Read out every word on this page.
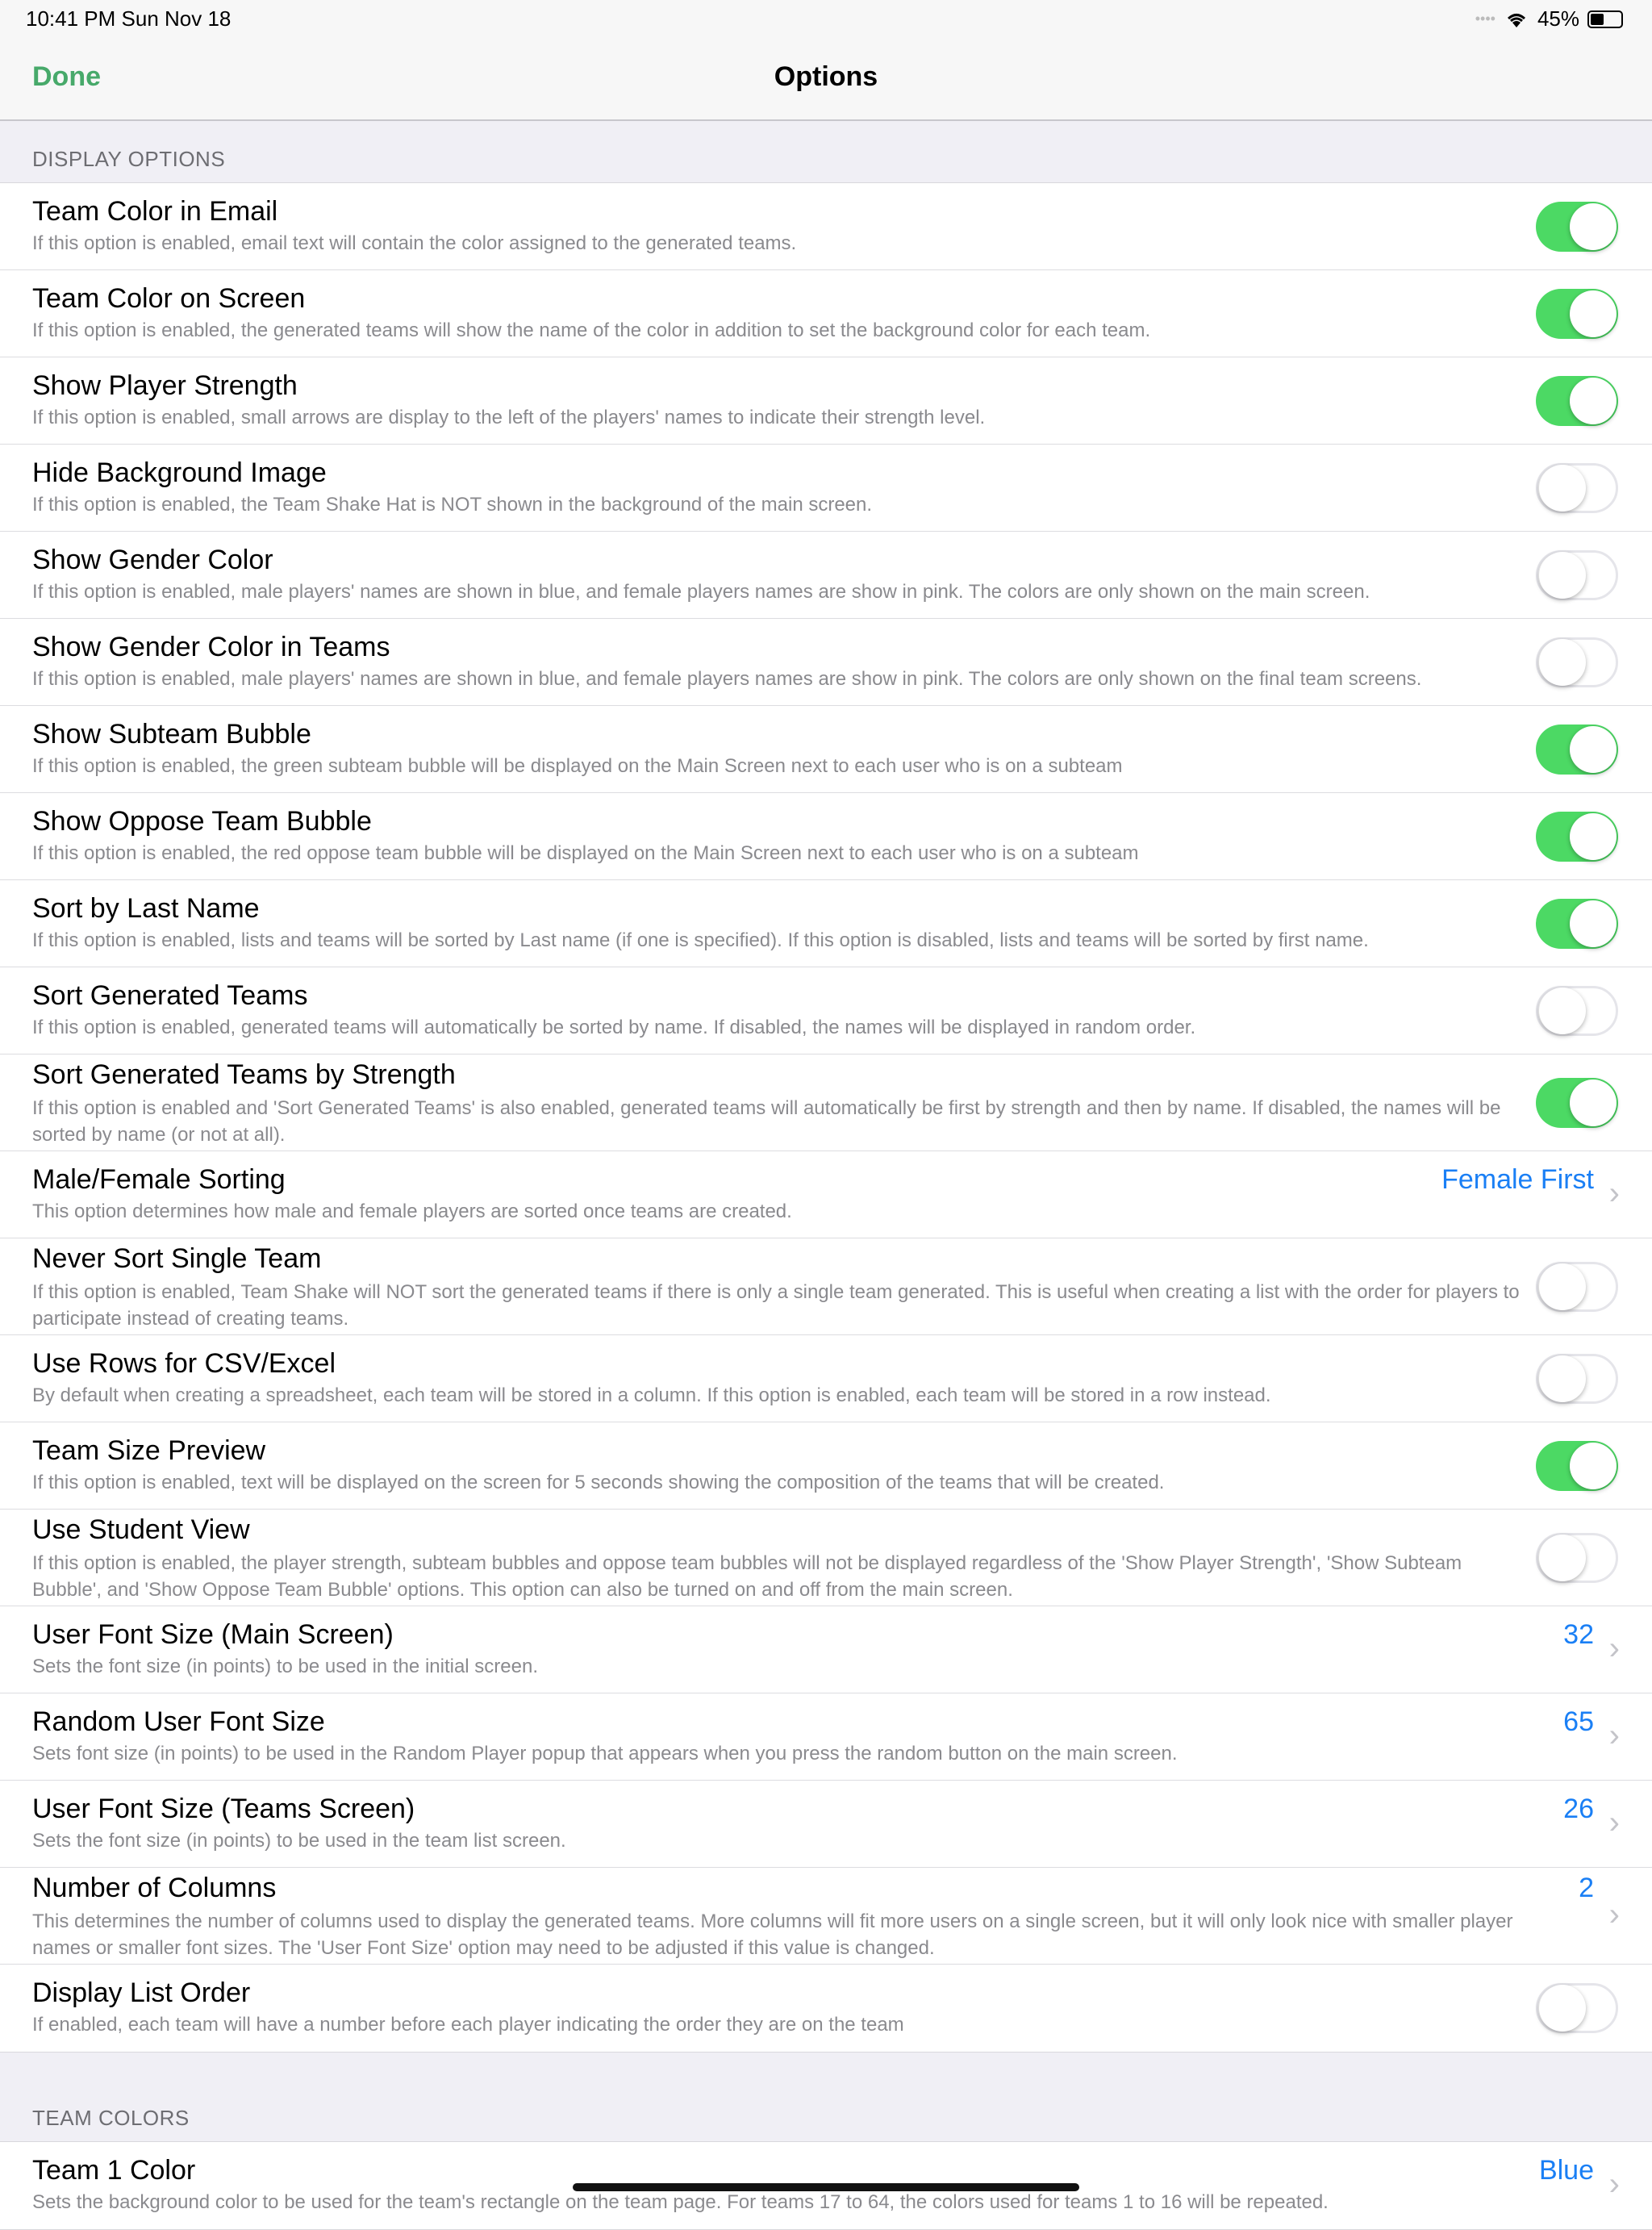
10:41 PM Sun Nov 18	•••• 45%
Done	Options
DISPLAY OPTIONS
Team Color in Email
If this option is enabled, email text will contain the color assigned to the generated teams.
Team Color on Screen
If this option is enabled, the generated teams will show the name of the color in addition to set the background color for each team.
Show Player Strength
If this option is enabled, small arrows are display to the left of the players' names to indicate their strength level.
Hide Background Image
If this option is enabled, the Team Shake Hat is NOT shown in the background of the main screen.
Show Gender Color
If this option is enabled, male players' names are shown in blue, and female players names are show in pink. The colors are only shown on the main screen.
Show Gender Color in Teams
If this option is enabled, male players' names are shown in blue, and female players names are show in pink. The colors are only shown on the final team screens.
Show Subteam Bubble
If this option is enabled, the green subteam bubble will be displayed on the Main Screen next to each user who is on a subteam
Show Oppose Team Bubble
If this option is enabled, the red oppose team bubble will be displayed on the Main Screen next to each user who is on a subteam
Sort by Last Name
If this option is enabled, lists and teams will be sorted by Last name (if one is specified). If this option is disabled, lists and teams will be sorted by first name.
Sort Generated Teams
If this option is enabled, generated teams will automatically be sorted by name. If disabled, the names will be displayed in random order.
Sort Generated Teams by Strength
If this option is enabled and 'Sort Generated Teams' is also enabled, generated teams will automatically be first by strength and then by name. If disabled, the names will be sorted by name (or not at all).
Male/Female Sorting
This option determines how male and female players are sorted once teams are created.
Female First ›
Never Sort Single Team
If this option is enabled, Team Shake will NOT sort the generated teams if there is only a single team generated. This is useful when creating a list with the order for players to participate instead of creating teams.
Use Rows for CSV/Excel
By default when creating a spreadsheet, each team will be stored in a column. If this option is enabled, each team will be stored in a row instead.
Team Size Preview
If this option is enabled, text will be displayed on the screen for 5 seconds showing the composition of the teams that will be created.
Use Student View
If this option is enabled, the player strength, subteam bubbles and oppose team bubbles will not be displayed regardless of the 'Show Player Strength', 'Show Subteam Bubble', and 'Show Oppose Team Bubble' options. This option can also be turned on and off from the main screen.
User Font Size (Main Screen)
Sets the font size (in points) to be used in the initial screen.
32 ›
Random User Font Size
Sets font size (in points) to be used in the Random Player popup that appears when you press the random button on the main screen.
65 ›
User Font Size (Teams Screen)
Sets the font size (in points) to be used in the team list screen.
26 ›
Number of Columns
This determines the number of columns used to display the generated teams. More columns will fit more users on a single screen, but it will only look nice with smaller player names or smaller font sizes. The 'User Font Size' option may need to be adjusted if this value is changed.
2
›
Display List Order
If enabled, each team will have a number before each player indicating the order they are on the team
TEAM COLORS
Team 1 Color
Sets the background color to be used for the team's rectangle on the team page. For teams 17 to 64, the colors used for teams 1 to 16 will be repeated.
Blue ›
